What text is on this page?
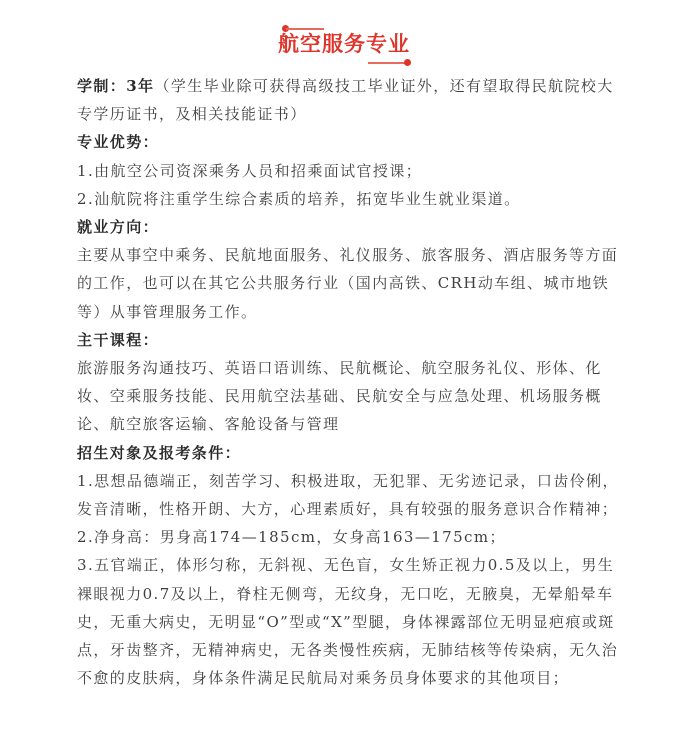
航空服务专业

学制：3年（学生毕业除可获得高级技工毕业证外，还有望取得民航院校大专学历证书，及相关技能证书）

专业优势：

1.由航空公司资深乘务人员和招乘面试官授课；

2.汕航院将注重学生综合素质的培养，拓宽毕业生就业渠道。

就业方向：

主要从事空中乘务、民航地面服务、礼仪服务、旅客服务、酒店服务等方面的工作，也可以在其它公共服务行业（国内高铁、CRH动车组、城市地铁等）从事管理服务工作。

主干课程：

旅游服务沟通技巧、英语口语训练、民航概论、航空服务礼仪、形体、化妆、空乘服务技能、民用航空法基础、民航安全与应急处理、机场服务概论、航空旅客运输、客舱设备与管理

招生对象及报考条件：

1.思想品德端正，刻苦学习、积极进取，无犯罪、无劣迹记录，口齿伶俐，发音清晰，性格开朗、大方，心理素质好，具有较强的服务意识合作精神；

2.净身高：男身高174—185cm，女身高163—175cm；

3.五官端正，体形匀称，无斜视、无色盲，女生矫正视力0.5及以上，男生裸眼视力0.7及以上，脊柱无侧弯，无纹身，无口吃，无腋臭，无晕船晕车史，无重大病史，无明显“O”型或“X”型腿，身体裸露部位无明显疤痕或斑点，牙齿整齐，无精神病史，无各类慢性疾病，无肺结核等传染病，无久治不愈的皮肤病，身体条件满足民航局对乘务员身体要求的其他项目；
